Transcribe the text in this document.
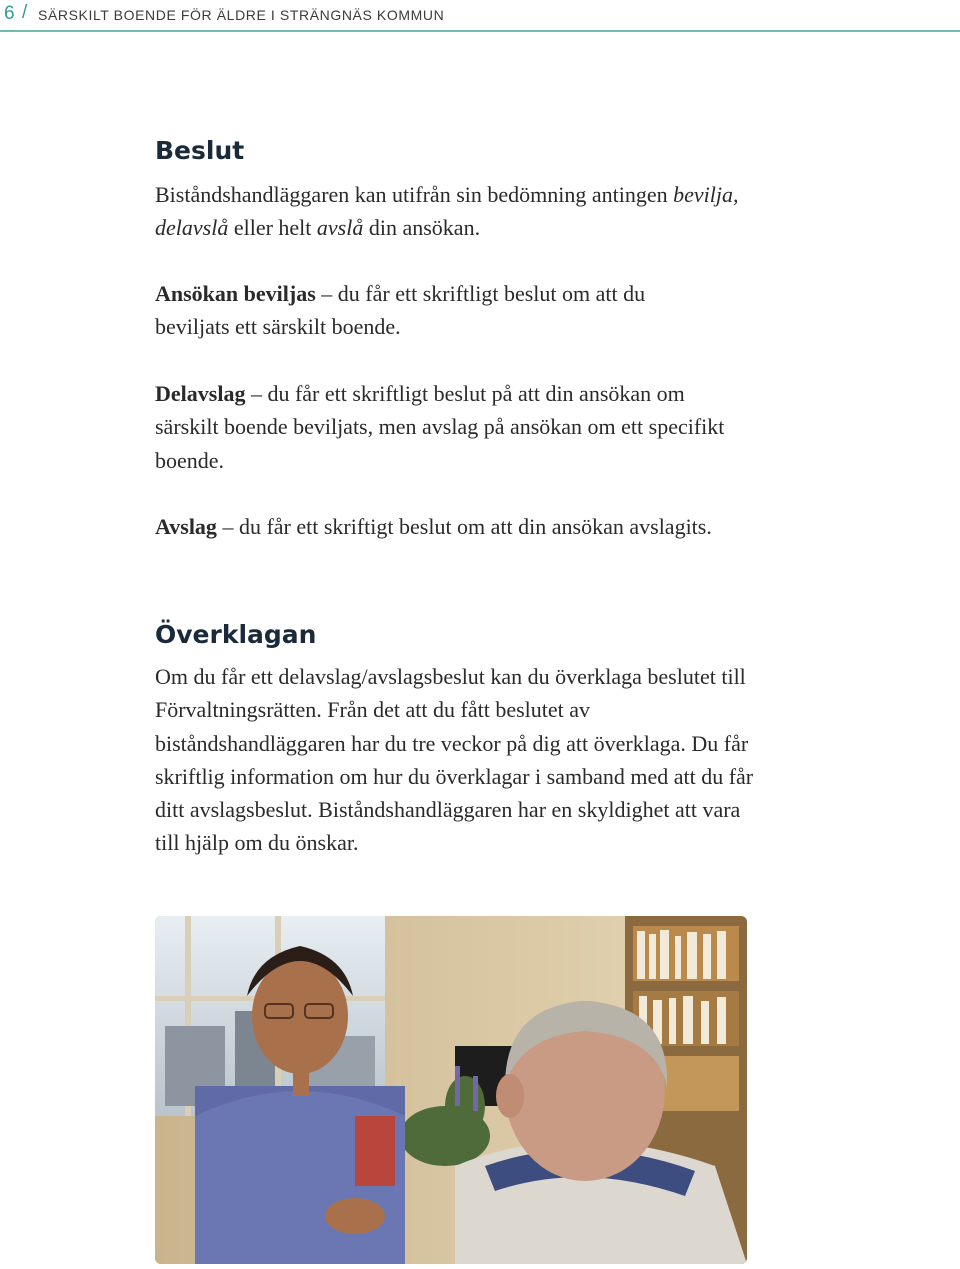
6 / SÄRSKILT BOENDE FÖR ÄLDRE I STRÄNGNÄS KOMMUN
Beslut

Biståndshandläggaren kan utifrån sin bedömning antingen bevilja, delavslå eller helt avslå din ansökan.

Ansökan beviljas – du får ett skriftligt beslut om att du beviljats ett särskilt boende.

Delavslag – du får ett skriftligt beslut på att din ansökan om särskilt boende beviljats, men avslag på ansökan om ett specifikt boende.

Avslag – du får ett skriftigt beslut om att din ansökan avslagits.

Överklagan

Om du får ett delavslag/avslagsbeslut kan du överklaga beslutet till Förvaltningsrätten. Från det att du fått beslutet av biståndshandläggaren har du tre veckor på dig att överklaga. Du får skriftlig information om hur du överklagar i samband med att du får ditt avslagsbeslut. Biståndshandläggaren har en skyldighet att vara till hjälp om du önskar.
